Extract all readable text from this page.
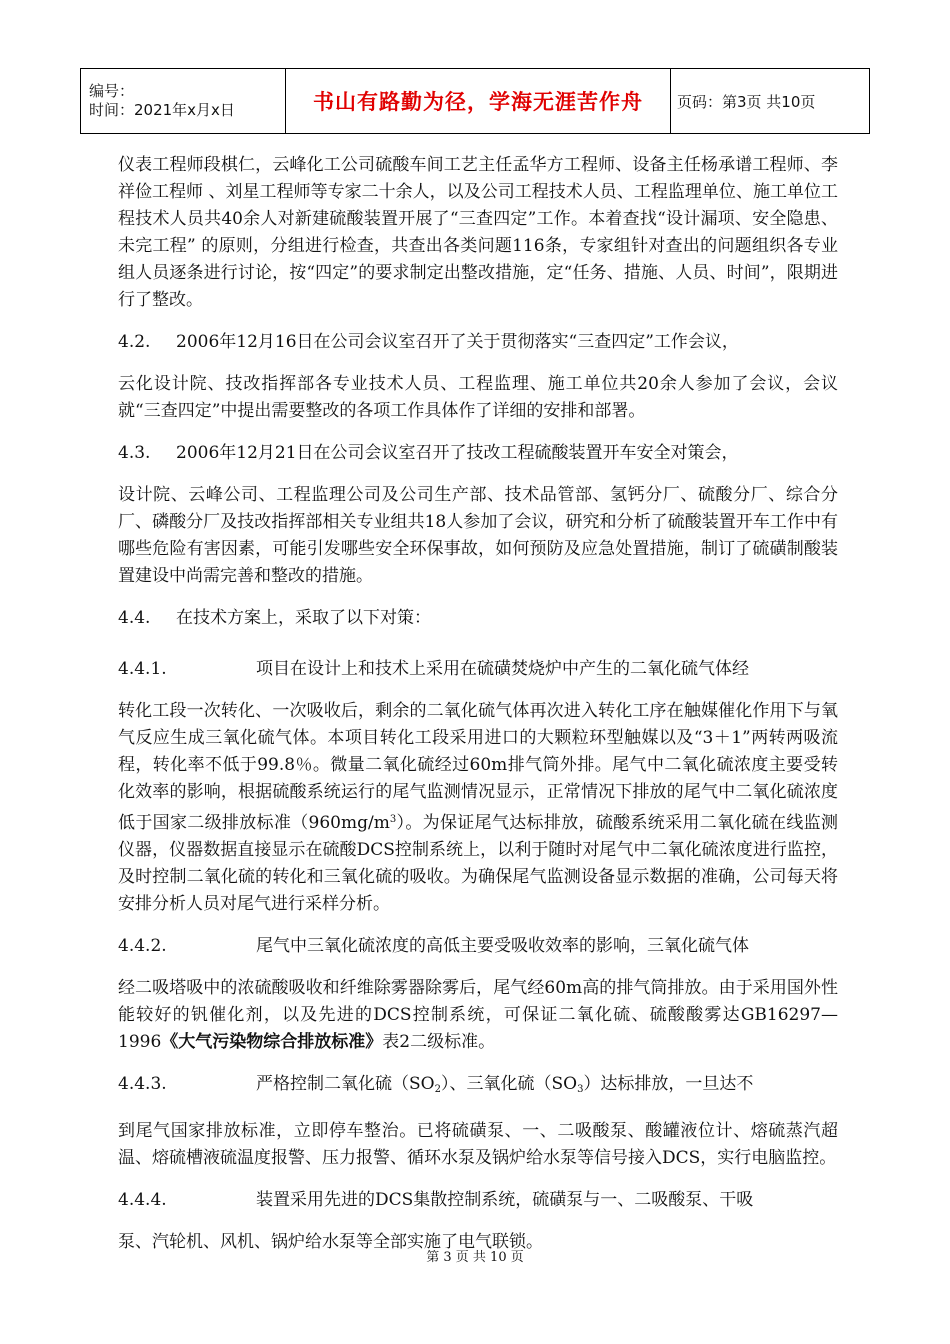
编号：
时间：2021年x月x日	书山有路勤为径，学海无涯苦作舟	页码：第3页 共10页

仪表工程师段棋仁，云峰化工公司硫酸车间工艺主任孟华方工程师、设备主任杨承谱工程师、李祥俭工程师 、刘星工程师等专家二十余人，以及公司工程技术人员、工程监理单位、施工单位工程技术人员共40余人对新建硫酸装置开展了“三查四定”工作。本着查找“设计漏项、安全隐患、未完工程” 的原则，分组进行检查，共查出各类问题116条，专家组针对查出的问题组织各专业组人员逐条进行讨论，按“四定”的要求制定出整改措施，定“任务、措施、人员、时间”，限期进行了整改。

4.2. 2006年12月16日在公司会议室召开了关于贯彻落实“三查四定”工作会议，

云化设计院、技改指挥部各专业技术人员、工程监理、施工单位共20余人参加了会议，会议就“三查四定”中提出需要整改的各项工作具体作了详细的安排和部署。

4.3. 2006年12月21日在公司会议室召开了技改工程硫酸装置开车安全对策会，

设计院、云峰公司、工程监理公司及公司生产部、技术品管部、氢钙分厂、硫酸分厂、综合分厂、磷酸分厂及技改指挥部相关专业组共18人参加了会议，研究和分析了硫酸装置开车工作中有哪些危险有害因素，可能引发哪些安全环保事故，如何预防及应急处置措施，制订了硫磺制酸装置建设中尚需完善和整改的措施。

4.4. 在技术方案上，采取了以下对策：

4.4.1.	项目在设计上和技术上采用在硫磺焚烧炉中产生的二氧化硫气体经

转化工段一次转化、一次吸收后，剩余的二氧化硫气体再次进入转化工序在触媒催化作用下与氧气反应生成三氧化硫气体。本项目转化工段采用进口的大颗粒环型触媒以及“3＋1”两转两吸流程，转化率不低于99.8％。微量二氧化硫经过60m排气筒外排。尾气中二氧化硫浓度主要受转化效率的影响，根据硫酸系统运行的尾气监测情况显示，正常情况下排放的尾气中二氧化硫浓度低于国家二级排放标准$(960mg/m^3)$。为保证尾气达标排放，硫酸系统采用二氧化硫在线监测仪器，仪器数据直接显示在硫酸DCS控制系统上，以利于随时对尾气中二氧化硫浓度进行监控，及时控制二氧化硫的转化和三氧化硫的吸收。为确保尾气监测设备显示数据的准确，公司每天将安排分析人员对尾气进行采样分析。

4.4.2.	尾气中三氧化硫浓度的高低主要受吸收效率的影响，三氧化硫气体

经二吸塔吸中的浓硫酸吸收和纤维除雾器除雾后，尾气经60m高的排气筒排放。由于采用国外性能较好的钒催化剂，以及先进的DCS控制系统，可保证二氧化硫、硫酸酸雾达GB16297—1996《大气污染物综合排放标准》表2二级标准。

4.4.3.	严格控制二氧化硫$(SO_2)$、三氧化硫$(SO_3)$达标排放，一旦达不

到尾气国家排放标准，立即停车整治。已将硫磺泵、一、二吸酸泵、酸罐液位计、熔硫蒸汽超温、熔硫槽液硫温度报警、压力报警、循环水泵及锅炉给水泵等信号接入DCS，实行电脑监控。

4.4.4.	装置采用先进的DCS集散控制系统，硫磺泵与一、二吸酸泵、干吸

泵、汽轮机、风机、锅炉给水泵等全部实施了电气联锁。

第 3 页 共 10 页
